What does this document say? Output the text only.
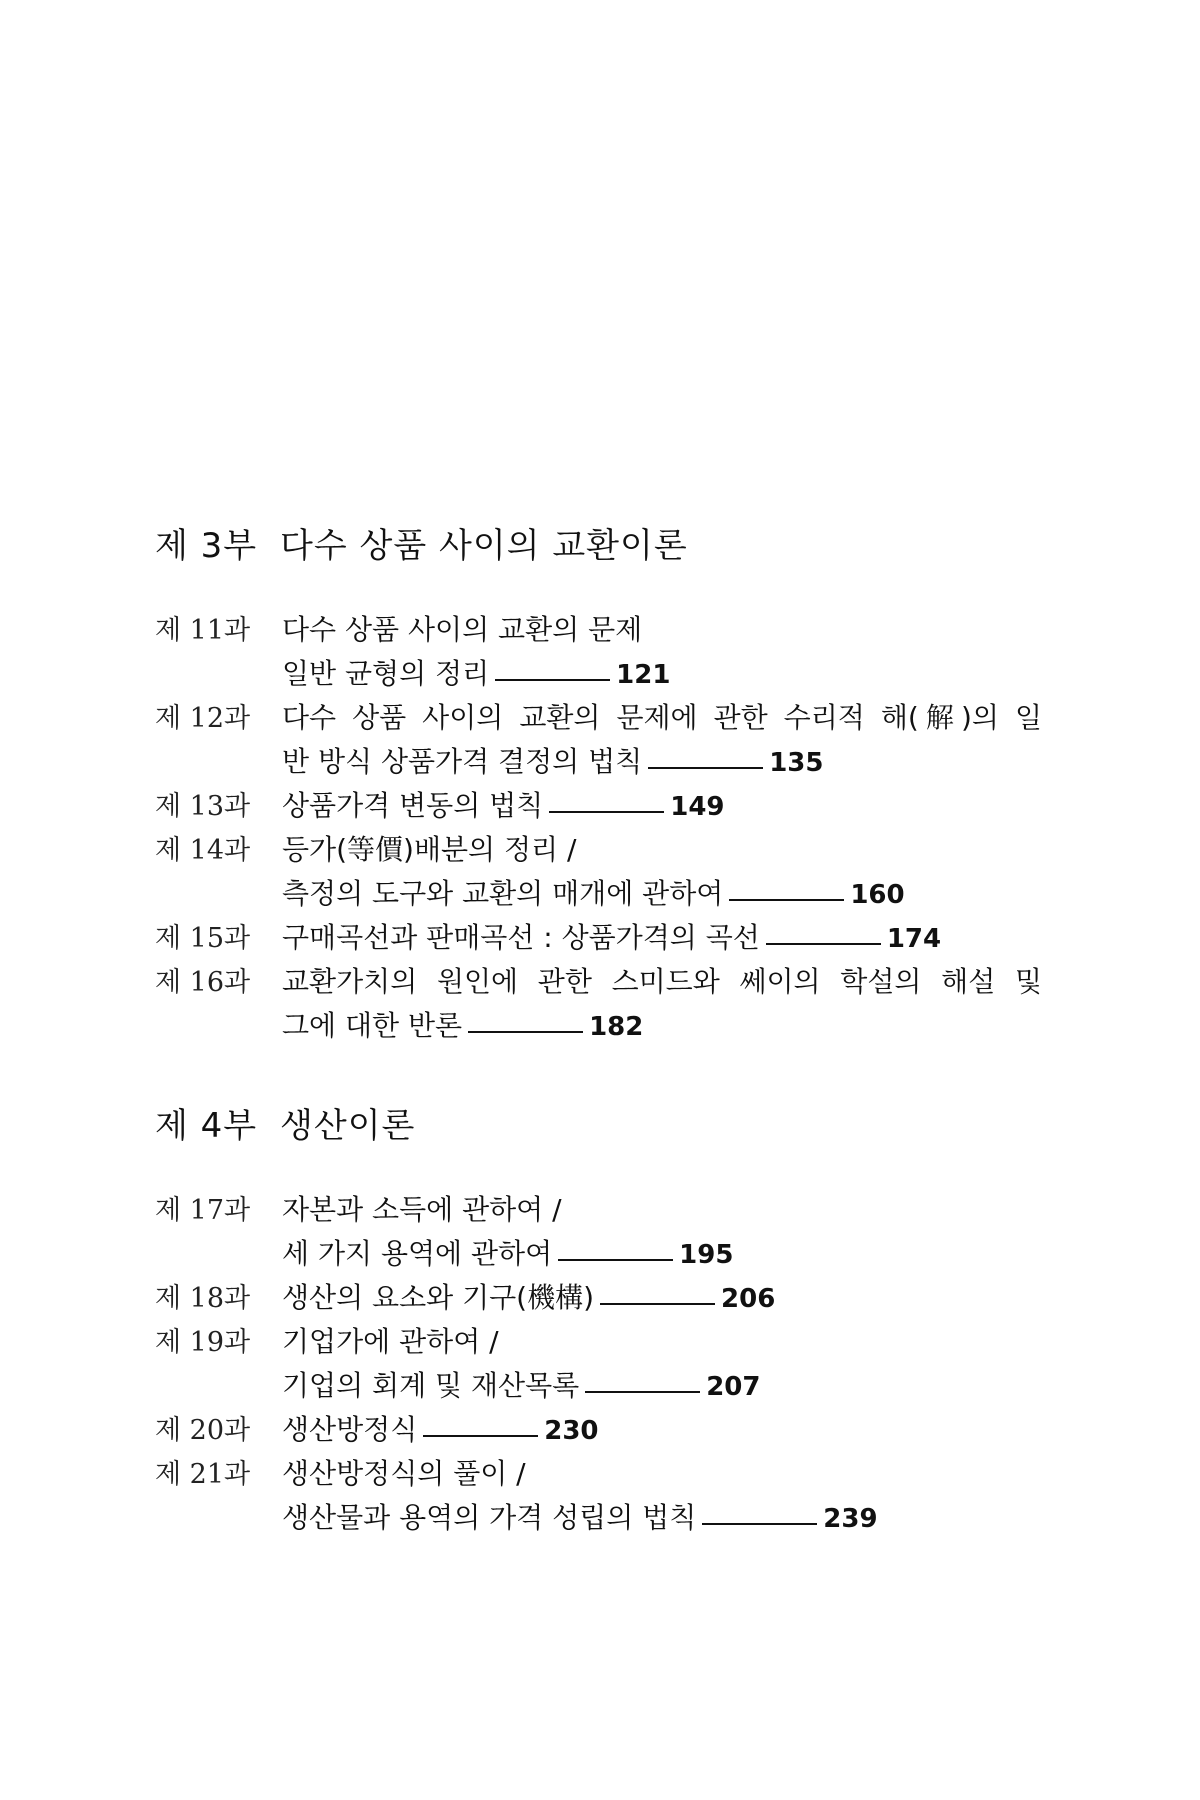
제 3부 다수 상품 사이의 교환이론
제 11과	다수 상품 사이의 교환의 문제
일반 균형의 정리	121
제 12과	다수 상품 사이의 교환의 문제에 관한 수리적 해(解)의 일
반 방식 상품가격 결정의 법칙	135
제 13과	상품가격 변동의 법칙	149
제 14과	등가(等價)배분의 정리 /
측정의 도구와 교환의 매개에 관하여	160
제 15과	구매곡선과 판매곡선 : 상품가격의 곡선	174
제 16과	교환가치의 원인에 관한 스미드와 쎄이의 학설의 해설 및
그에 대한 반론	182
제 4부 생산이론
제 17과	자본과 소득에 관하여 /
세 가지 용역에 관하여	195
제 18과	생산의 요소와 기구(機構)	206
제 19과	기업가에 관하여 /
기업의 회계 및 재산목록	207
제 20과	생산방정식	230
제 21과	생산방정식의 풀이 /
생산물과 용역의 가격 성립의 법칙	239
